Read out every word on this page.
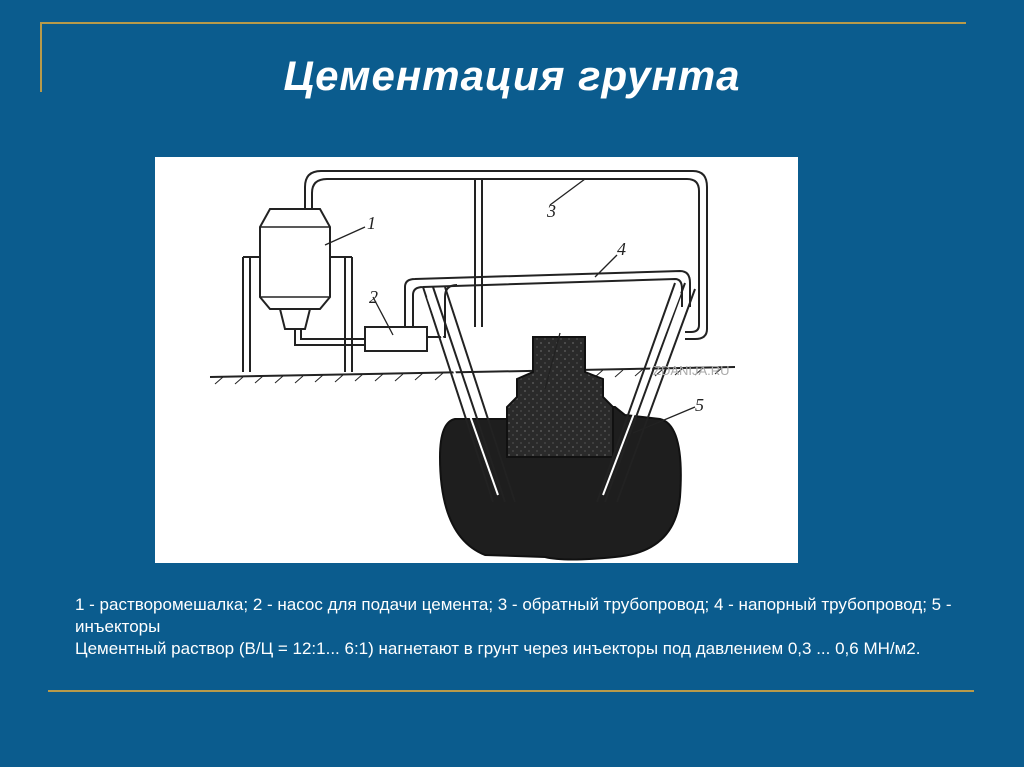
Цементация грунта
1
2
3
4
5
ZDANIJA.RU

1 - растворомешалка; 2 - насос для подачи цемента; 3 - обратный трубопровод; 4 - напорный трубопровод; 5 - инъекторы

Цементный раствор (В/Ц = 12:1... 6:1) нагнетают в грунт через инъекторы под давлением 0,3 ... 0,6 МН/м2.
